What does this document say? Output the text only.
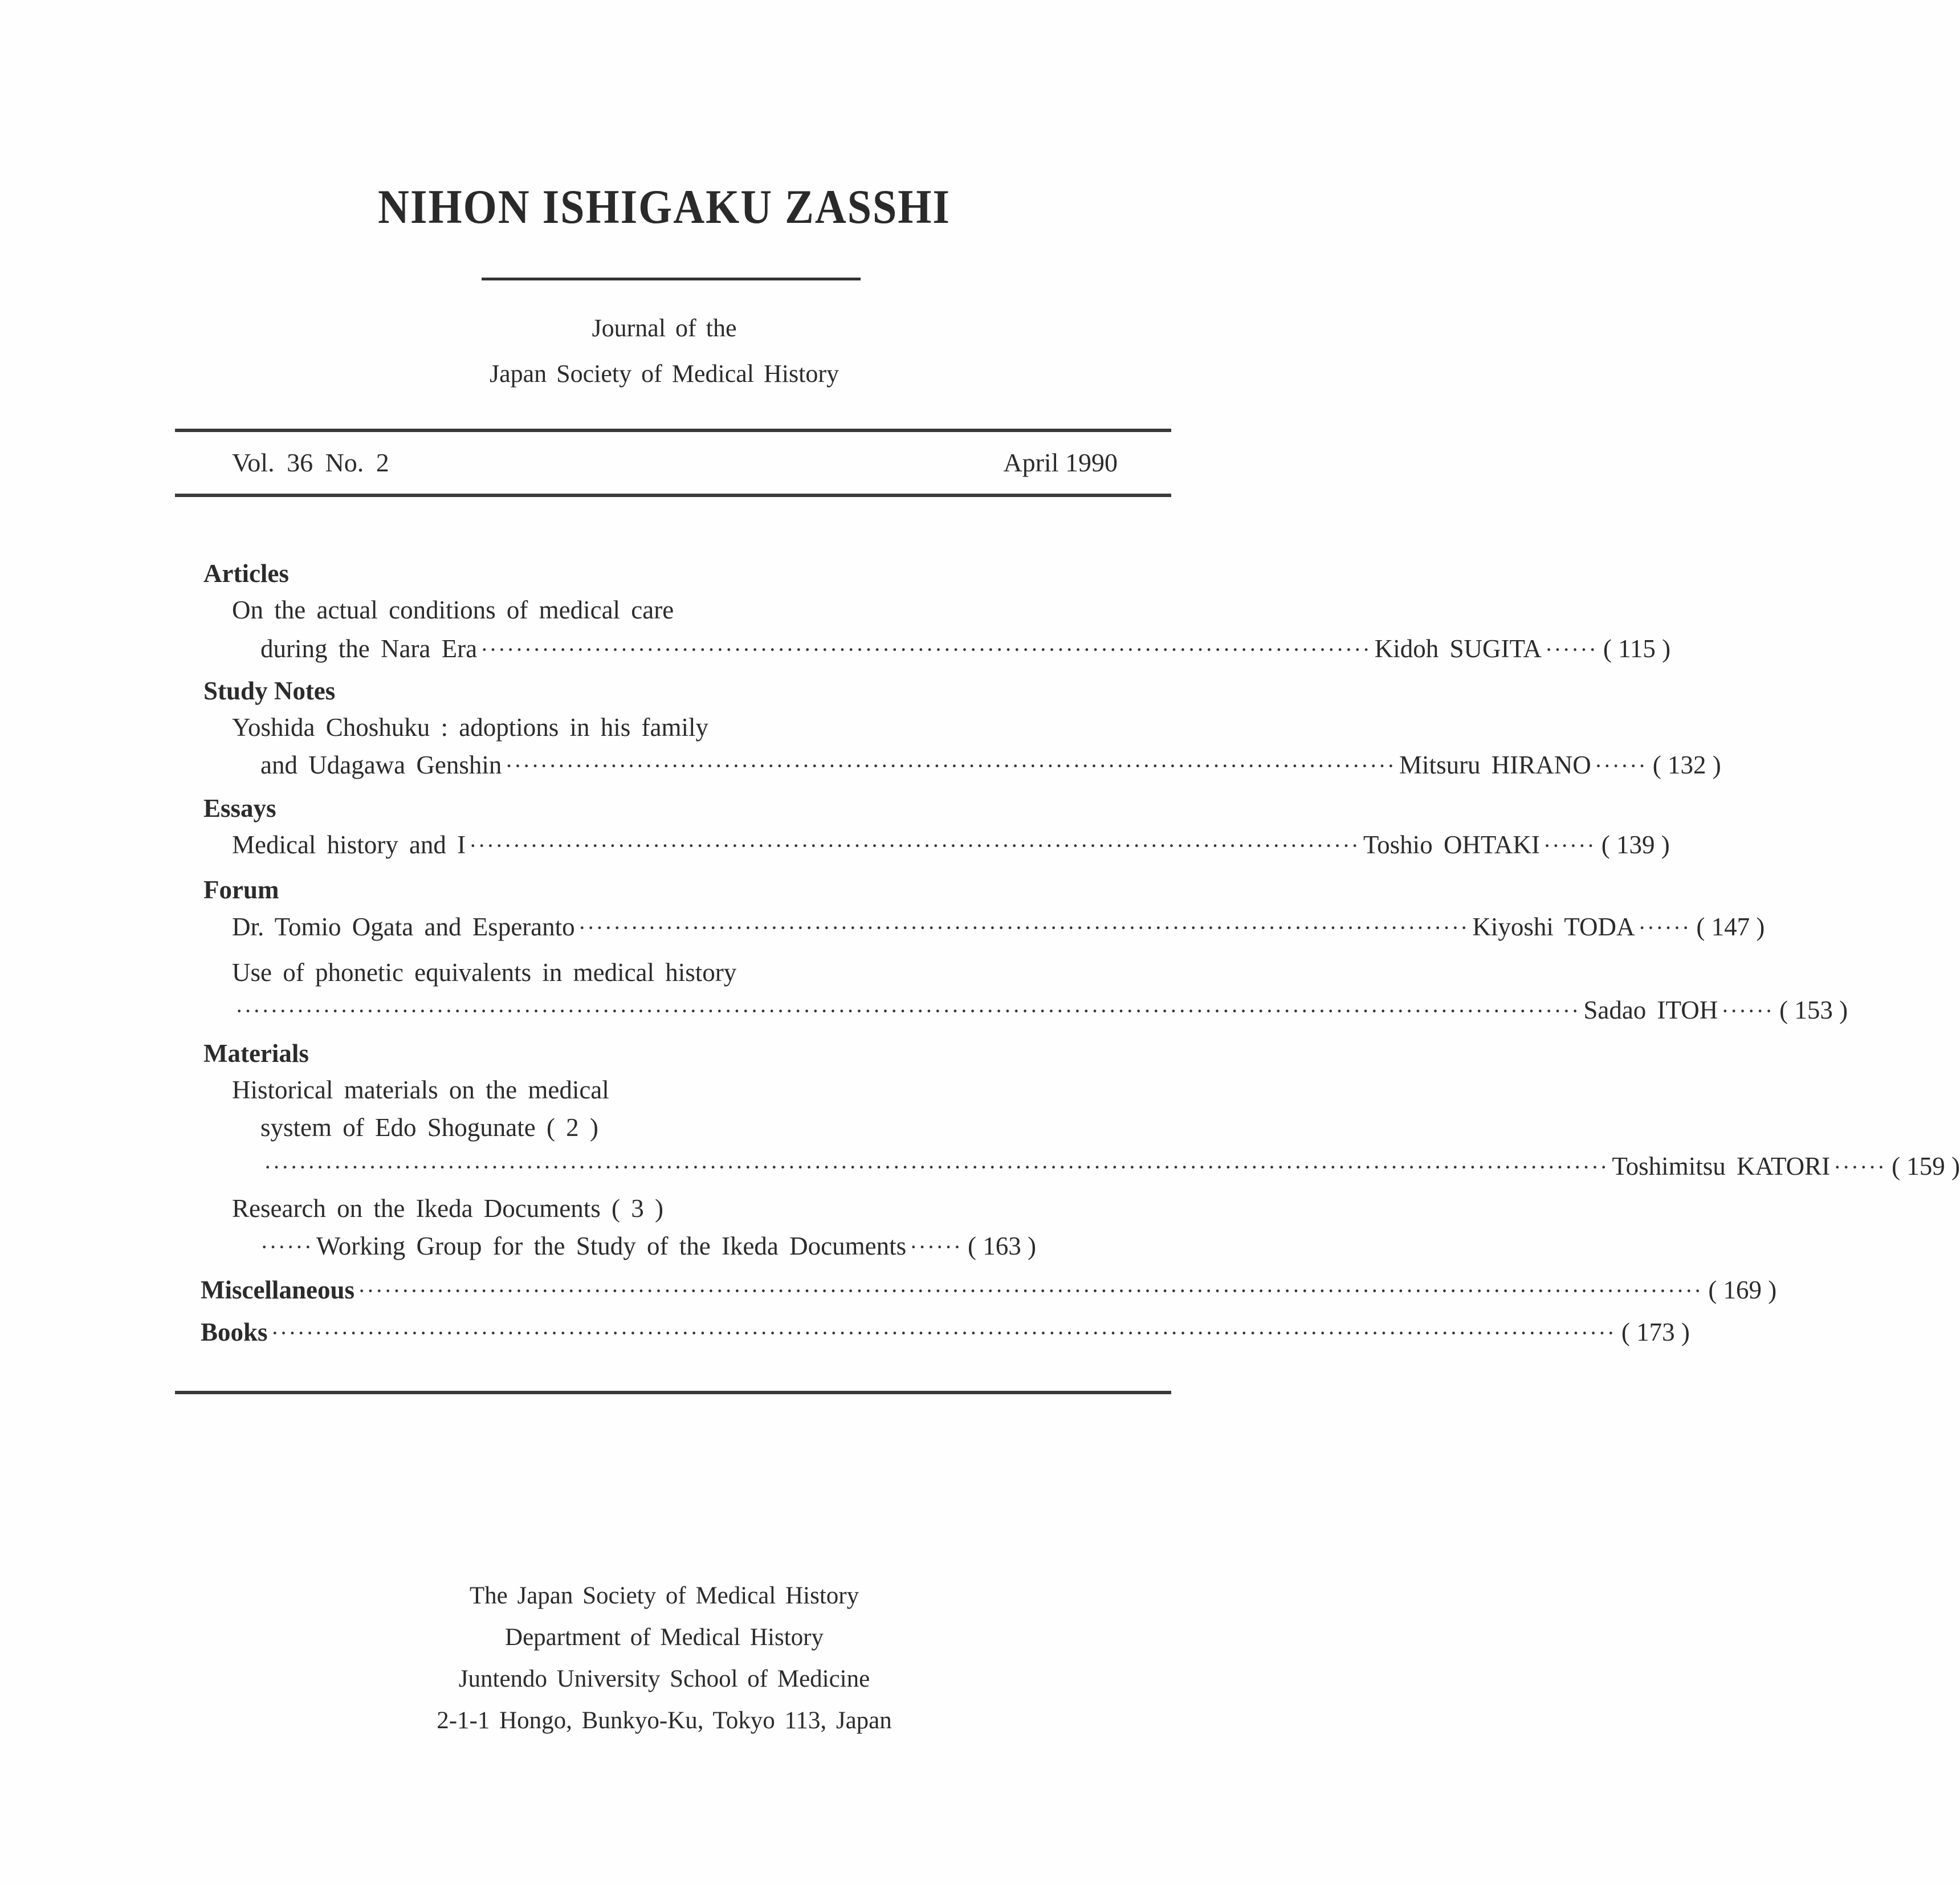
NIHON ISHIGAKU ZASSHI
Journal of the
Japan Society of Medical History
Vol. 36 No. 2	April 1990
Articles
On the actual conditions of medical care
during the Nara Era ······································································································ Kidoh SUGITA ······ ( 115 )
Study Notes
Yoshida Choshuku : adoptions in his family
and Udagawa Genshin ······································································································ Mitsuru HIRANO ······ ( 132 )
Essays
Medical history and I ······································································································ Toshio OHTAKI ······ ( 139 )
Forum
Dr. Tomio Ogata and Esperanto ······································································································ Kiyoshi TODA ······ ( 147 )
Use of phonetic equivalents in medical history
·························································································································································· Sadao ITOH ······ ( 153 )
Materials
Historical materials on the medical
system of Edo Shogunate ( 2 )
·························································································································································· Toshimitsu KATORI ······ ( 159 )
Research on the Ikeda Documents ( 3 )
······ Working Group for the Study of the Ikeda Documents ······ ( 163 )
Miscellaneous ·························································································································································· ( 169 )
Books ·························································································································································· ( 173 )
The Japan Society of Medical History
Department of Medical History
Juntendo University School of Medicine
2-1-1 Hongo, Bunkyo-Ku, Tokyo 113, Japan
